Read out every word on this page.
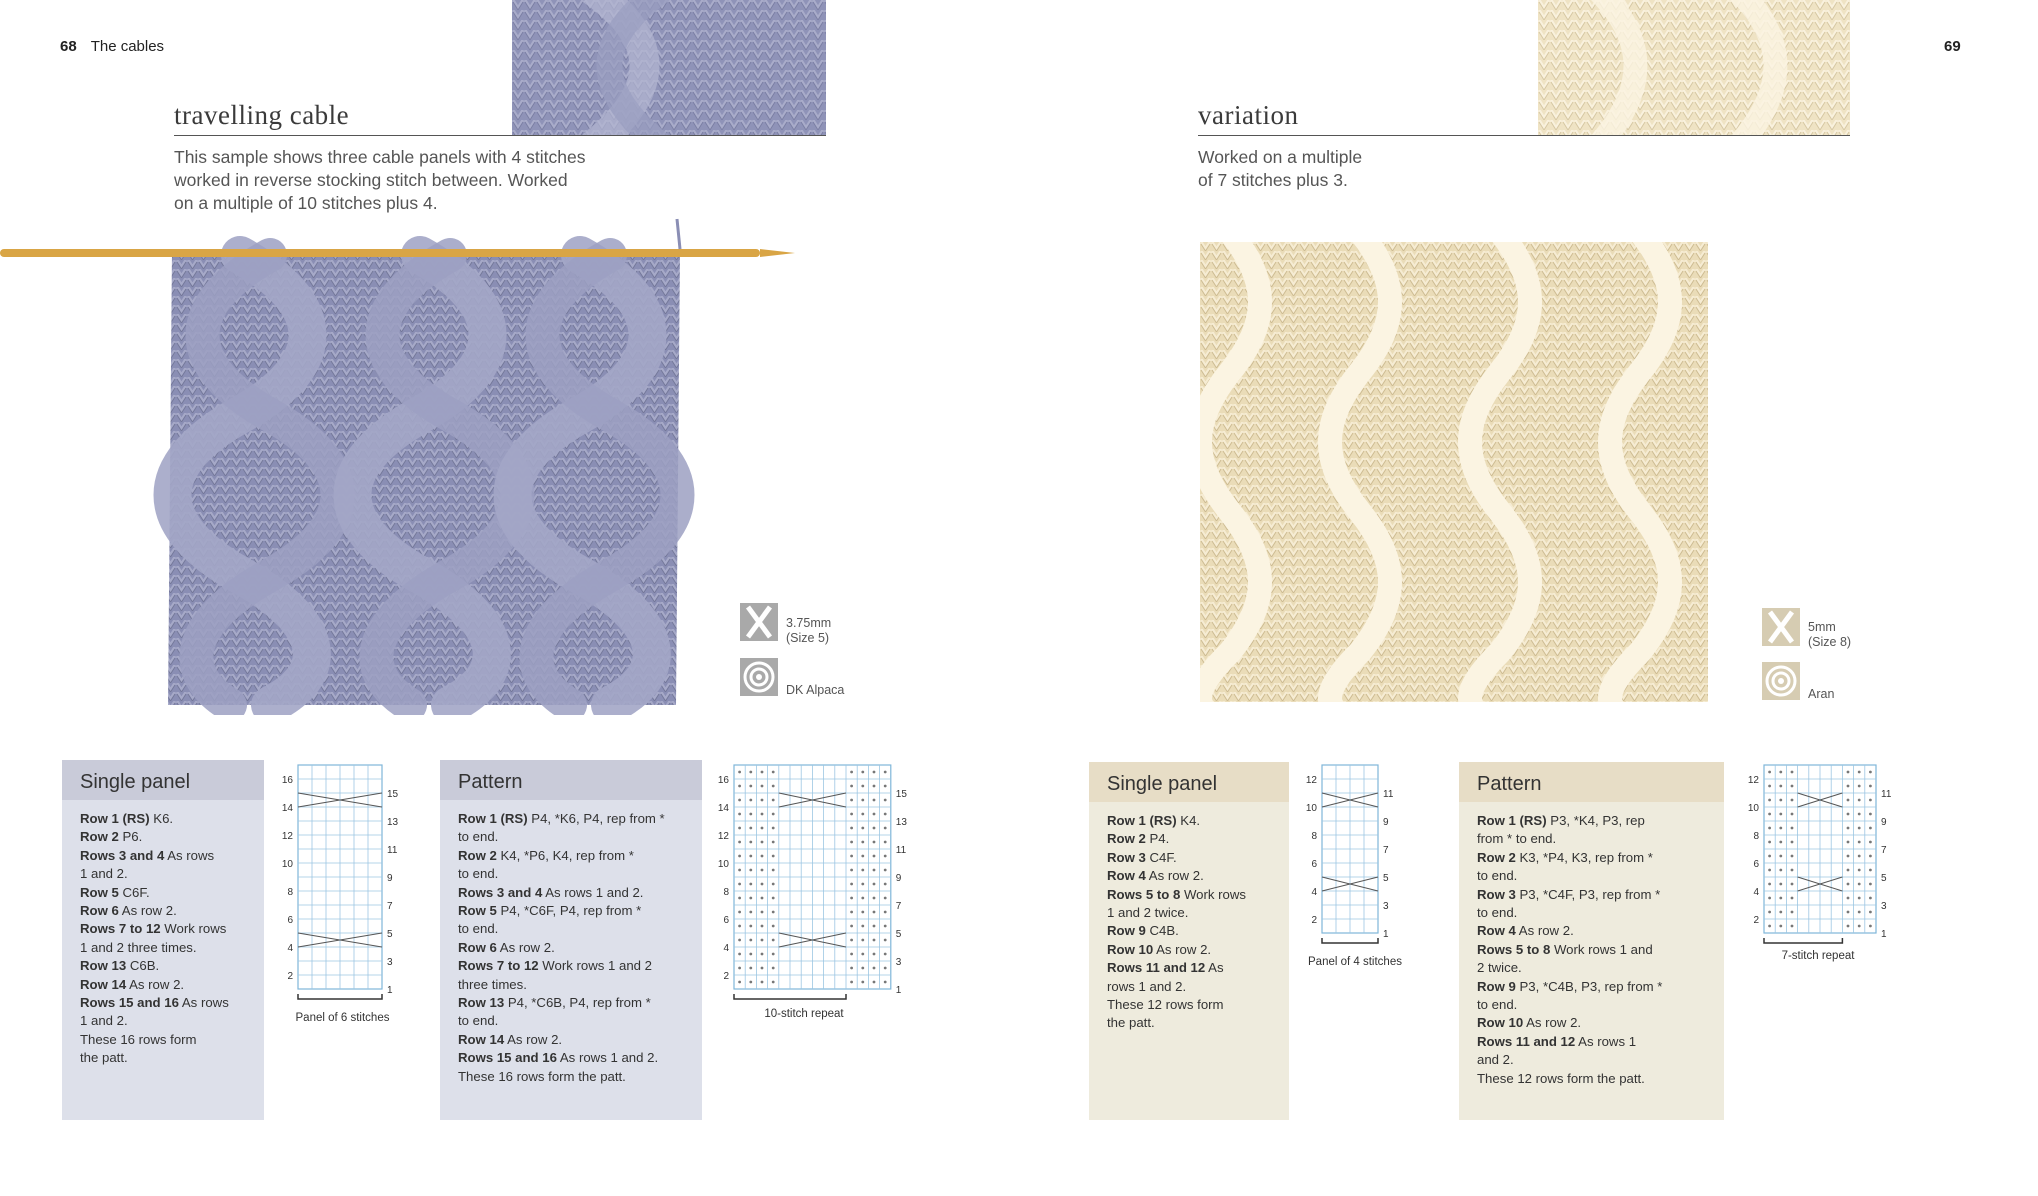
68 The cables
travelling cable
This sample shows three cable panels with 4 stitches
worked in reverse stocking stitch between. Worked
on a multiple of 10 stitches plus 4.
3.75mm
(Size 5)
DK Alpaca
Single panel
Row 1 (RS) K6.
Row 2 P6.
Rows 3 and 4 As rows
1 and 2.
Row 5 C6F.
Row 6 As row 2.
Rows 7 to 12 Work rows
1 and 2 three times.
Row 13 C6B.
Row 14 As row 2.
Rows 15 and 16 As rows
1 and 2.
These 16 rows form
the patt.
16
14
12
10
8
6
4
2
15
13
11
9
7
5
3
1
Panel of 6 stitches
Pattern
Row 1 (RS) P4, *K6, P4, rep from *
to end.
Row 2 K4, *P6, K4, rep from *
to end.
Rows 3 and 4 As rows 1 and 2.
Row 5 P4, *C6F, P4, rep from *
to end.
Row 6 As row 2.
Rows 7 to 12 Work rows 1 and 2
three times.
Row 13 P4, *C6B, P4, rep from *
to end.
Row 14 As row 2.
Rows 15 and 16 As rows 1 and 2.
These 16 rows form the patt.
16
14
12
10
8
6
4
2
15
13
11
9
7
5
3
1
10-stitch repeat
69
variation
Worked on a multiple
of 7 stitches plus 3.
5mm
(Size 8)
Aran
Single panel
Row 1 (RS) K4.
Row 2 P4.
Row 3 C4F.
Row 4 As row 2.
Rows 5 to 8 Work rows
1 and 2 twice.
Row 9 C4B.
Row 10 As row 2.
Rows 11 and 12 As
rows 1 and 2.
These 12 rows form
the patt.
12
10
8
6
4
2
11
9
7
5
3
1
Panel of 4 stitches
Pattern
Row 1 (RS) P3, *K4, P3, rep
from * to end.
Row 2 K3, *P4, K3, rep from *
to end.
Row 3 P3, *C4F, P3, rep from *
to end.
Row 4 As row 2.
Rows 5 to 8 Work rows 1 and
2 twice.
Row 9 P3, *C4B, P3, rep from *
to end.
Row 10 As row 2.
Rows 11 and 12 As rows 1
and 2.
These 12 rows form the patt.
12
10
8
6
4
2
11
9
7
5
3
1
7-stitch repeat
